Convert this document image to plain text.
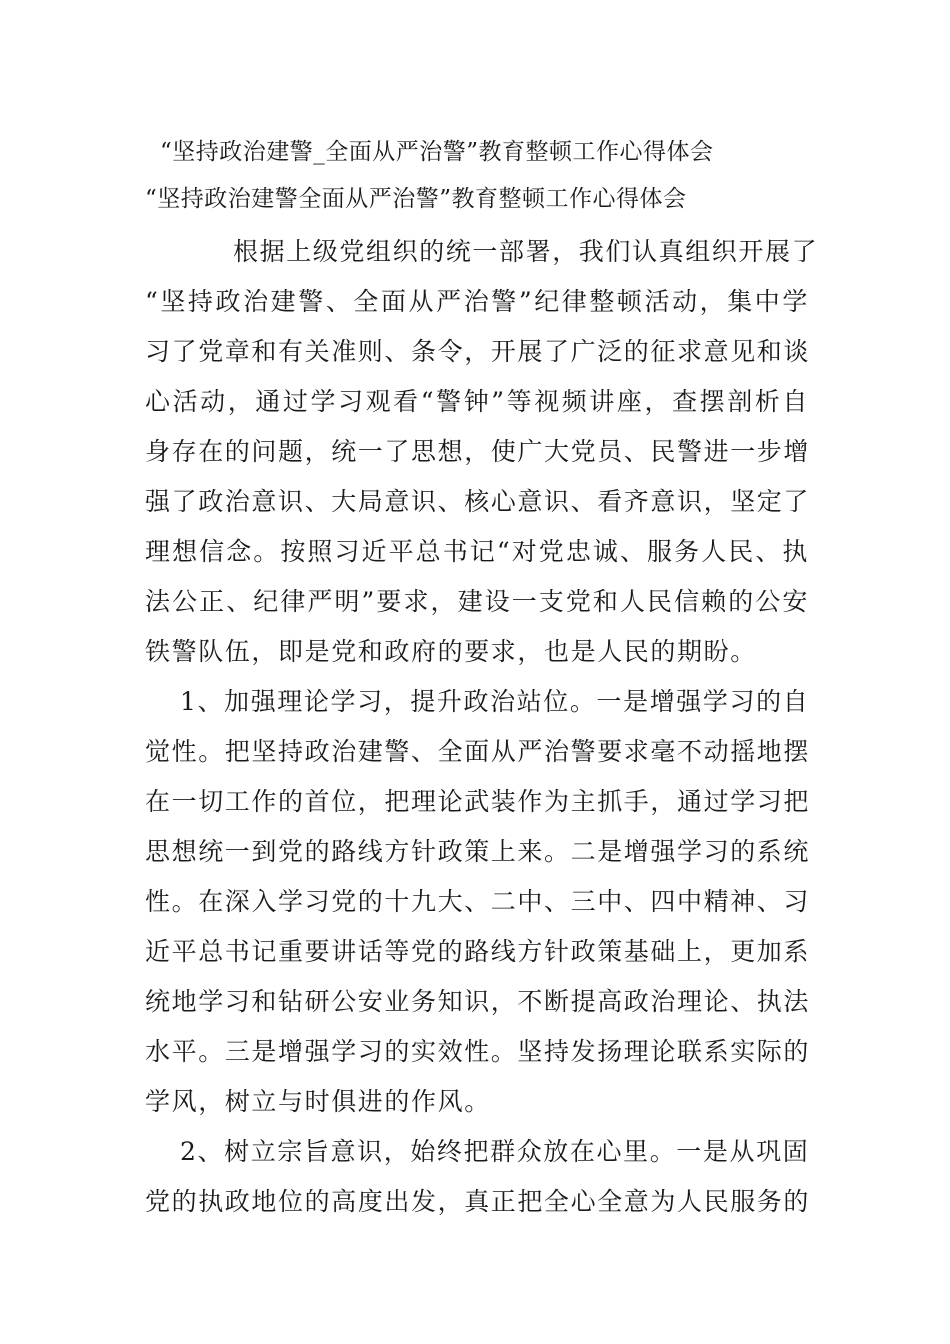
“坚持政治建警_全面从严治警”教育整顿工作心得体会
“坚持政治建警全面从严治警”教育整顿工作心得体会
根据上级党组织的统一部署，我们认真组织开展了
“坚持政治建警、全面从严治警”纪律整顿活动，集中学
习了党章和有关准则、条令，开展了广泛的征求意见和谈
心活动，通过学习观看“警钟”等视频讲座，查摆剖析自
身存在的问题，统一了思想，使广大党员、民警进一步增
强了政治意识、大局意识、核心意识、看齐意识，坚定了
理想信念。按照习近平总书记“对党忠诚、服务人民、执
法公正、纪律严明”要求，建设一支党和人民信赖的公安
铁警队伍，即是党和政府的要求，也是人民的期盼。
1、加强理论学习，提升政治站位。一是增强学习的自
觉性。把坚持政治建警、全面从严治警要求毫不动摇地摆
在一切工作的首位，把理论武装作为主抓手，通过学习把
思想统一到党的路线方针政策上来。二是增强学习的系统
性。在深入学习党的十九大、二中、三中、四中精神、习
近平总书记重要讲话等党的路线方针政策基础上，更加系
统地学习和钻研公安业务知识，不断提高政治理论、执法
水平。三是增强学习的实效性。坚持发扬理论联系实际的
学风，树立与时俱进的作风。
2、树立宗旨意识，始终把群众放在心里。一是从巩固
党的执政地位的高度出发，真正把全心全意为人民服务的
